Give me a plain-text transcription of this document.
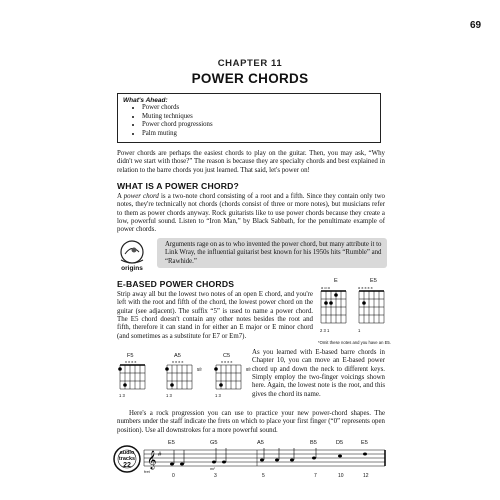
69
CHAPTER 11
POWER CHORDS
What's Ahead:
• Power chords
• Muting techniques
• Power chord progressions
• Palm muting
Power chords are perhaps the easiest chords to play on the guitar. Then, you may ask, “Why didn't we start with those?” The reason is because they are specialty chords and best explained in relation to the barre chords you just learned. That said, let's power on!
WHAT IS A POWER CHORD?
A power chord is a two-note chord consisting of a root and a fifth. Since they contain only two notes, they're technically not chords (chords consist of three or more notes), but musicians refer to them as power chords anyway. Rock guitarists like to use power chords because they create a low, powerful sound. Listen to “Iron Man,” by Black Sabbath, for the penultimate example of power chords.
origins

Arguments rage on as to who invented the power chord, but many attribute it to Link Wray, the influential guitarist best known for his 1950s hits “Rumble” and “Rawhide.”

E-BASED POWER CHORDS
Strip away all but the lowest two notes of an open E chord, and you're left with the root and fifth of the chord, the lowest power chord on the guitar (see adjacent). The suffix “5” is used to name a power chord. The E5 chord doesn't contain any other notes besides the root and fifth, therefore it can stand in for either an E major or E minor chord (and sometimes as a substitute for E7 or Em7).
E
o o o
2 3 1
E5
o x x x x
1
*Omit these notes and you have an E5.
F5
x x x x
1 3
A5
x x x x
5fr
1 3
C5
x x x x
8fr
1 3
As you learned with E-based barre chords in Chapter 10, you can move an E-based power chord up and down the neck to different keys. Simply employ the two-finger voicings shown here. Again, the lowest note is the root, and this gives the chord its name.
Here's a rock progression you can use to practice your new power-chord shapes. The numbers under the staff indicate the frets on which to place your first finger (“0” represents open position). Use all downstrokes for a more powerful sound.
audio tracks
22
E5	G5	A5	B5	D5	E5
𝄞 #
fret
mf
0	3	5	7	10	12
